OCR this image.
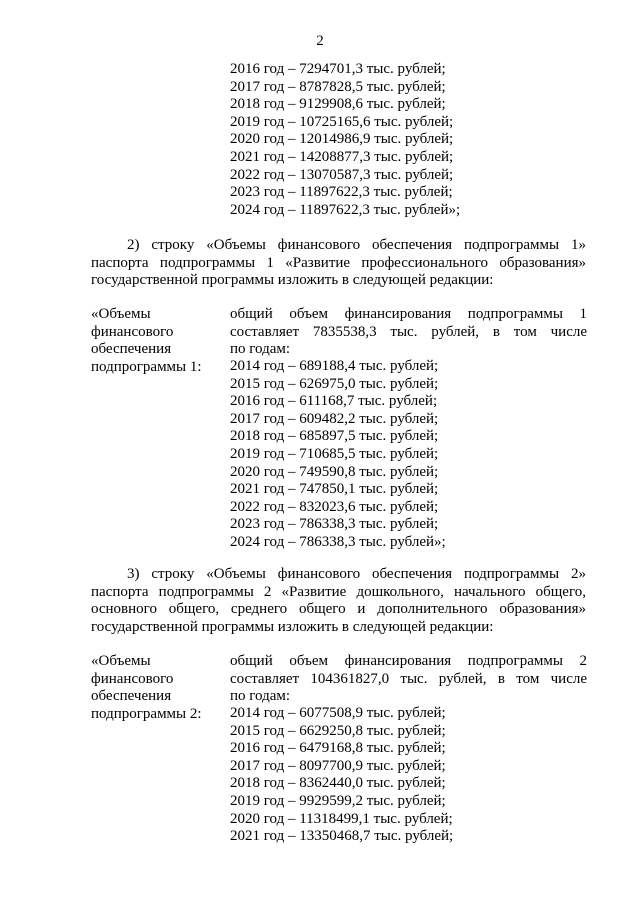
2
2016 год – 7294701,3 тыс. рублей;
2017 год – 8787828,5 тыс. рублей;
2018 год – 9129908,6 тыс. рублей;
2019 год – 10725165,6 тыс. рублей;
2020 год – 12014986,9 тыс. рублей;
2021 год – 14208877,3 тыс. рублей;
2022 год – 13070587,3 тыс. рублей;
2023 год – 11897622,3 тыс. рублей;
2024 год – 11897622,3 тыс. рублей»;
2) строку «Объемы финансового обеспечения подпрограммы 1»
паспорта подпрограммы 1 «Развитие профессионального образования»
государственной программы изложить в следующей редакции:
«Объемы
финансового
обеспечения
подпрограммы 1:
общий объем финансирования подпрограммы 1
составляет 7835538,3 тыс. рублей, в том числе
по годам:
2014 год – 689188,4 тыс. рублей;
2015 год – 626975,0 тыс. рублей;
2016 год – 611168,7 тыс. рублей;
2017 год – 609482,2 тыс. рублей;
2018 год – 685897,5 тыс. рублей;
2019 год – 710685,5 тыс. рублей;
2020 год – 749590,8 тыс. рублей;
2021 год – 747850,1 тыс. рублей;
2022 год – 832023,6 тыс. рублей;
2023 год – 786338,3 тыс. рублей;
2024 год – 786338,3 тыс. рублей»;
3) строку «Объемы финансового обеспечения подпрограммы 2»
паспорта подпрограммы 2 «Развитие дошкольного, начального общего,
основного общего, среднего общего и дополнительного образования»
государственной программы изложить в следующей редакции:
«Объемы
финансового
обеспечения
подпрограммы 2:
общий объем финансирования подпрограммы 2
составляет 104361827,0 тыс. рублей, в том числе
по годам:
2014 год – 6077508,9 тыс. рублей;
2015 год – 6629250,8 тыс. рублей;
2016 год – 6479168,8 тыс. рублей;
2017 год – 8097700,9 тыс. рублей;
2018 год – 8362440,0 тыс. рублей;
2019 год – 9929599,2 тыс. рублей;
2020 год – 11318499,1 тыс. рублей;
2021 год – 13350468,7 тыс. рублей;
